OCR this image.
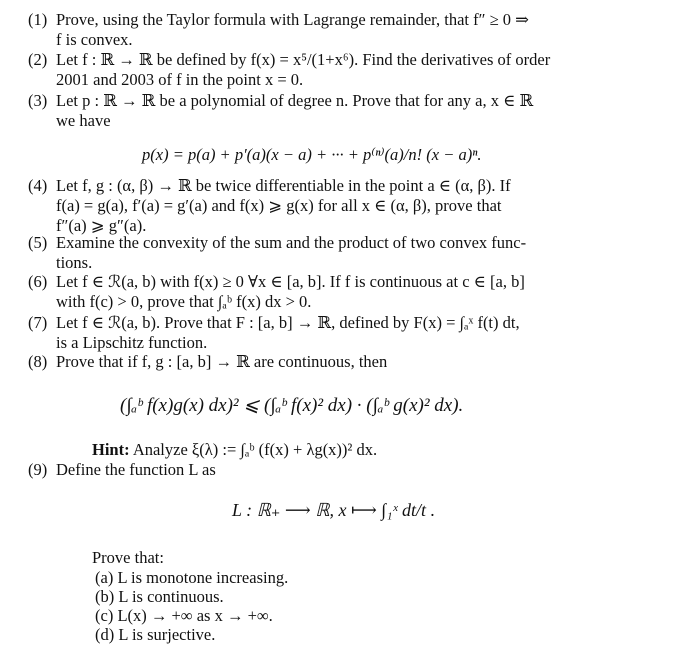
(1) Prove, using the Taylor formula with Lagrange remainder, that f″ ≥ 0 ⇒
f is convex.
(2) Let f : ℝ → ℝ be defined by f(x) = x⁵/(1+x⁶). Find the derivatives of order
2001 and 2003 of f in the point x = 0.
(3) Let p : ℝ → ℝ be a polynomial of degree n. Prove that for any a, x ∈ ℝ
we have
p(x) = p(a) + p′(a)(x − a) + ··· + p⁽ⁿ⁾(a)/n! (x − a)ⁿ.
(4) Let f, g : (α, β) → ℝ be twice differentiable in the point a ∈ (α, β). If
f(a) = g(a), f′(a) = g′(a) and f(x) ⩾ g(x) for all x ∈ (α, β), prove that
f″(a) ⩾ g″(a).
(5) Examine the convexity of the sum and the product of two convex func-
tions.
(6) Let f ∈ ℛ(a, b) with f(x) ≥ 0 ∀x ∈ [a, b]. If f is continuous at c ∈ [a, b]
with f(c) > 0, prove that ∫ₐᵇ f(x) dx > 0.
(7) Let f ∈ ℛ(a, b). Prove that F : [a, b] → ℝ, defined by F(x) = ∫ₐˣ f(t) dt,
is a Lipschitz function.
(8) Prove that if f, g : [a, b] → ℝ are continuous, then
(∫ₐᵇ f(x)g(x) dx)² ⩽ (∫ₐᵇ f(x)² dx) · (∫ₐᵇ g(x)² dx).
Hint: Analyze ξ(λ) := ∫ₐᵇ (f(x) + λg(x))² dx.
(9) Define the function L as
L : ℝ₊ ⟶ ℝ, x ⟼ ∫₁ˣ dt/t .
Prove that:
(a) L is monotone increasing.
(b) L is continuous.
(c) L(x) → +∞ as x → +∞.
(d) L is surjective.
